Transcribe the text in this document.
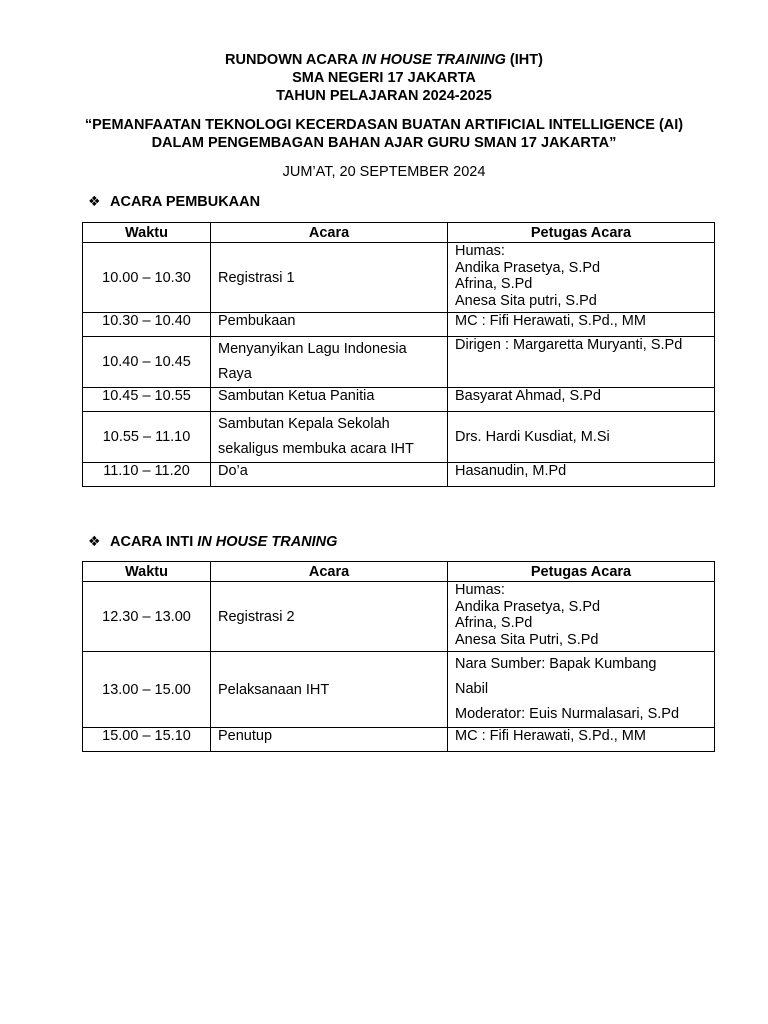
RUNDOWN ACARA IN HOUSE TRAINING (IHT)
SMA NEGERI 17 JAKARTA
TAHUN PELAJARAN 2024-2025
“PEMANFAATAN TEKNOLOGI KECERDASAN BUATAN ARTIFICIAL INTELLIGENCE (AI)
DALAM PENGEMBAGAN BAHAN AJAR GURU SMAN 17 JAKARTA”
JUM’AT, 20 SEPTEMBER 2024
❖ ACARA PEMBUKAAN
Waktu	Acara	Petugas Acara
10.00 – 10.30	Registrasi 1	Humas:
Andika Prasetya, S.Pd
Afrina, S.Pd
Anesa Sita putri, S.Pd

10.30 – 10.40	Pembukaan	MC : Fifi Herawati, S.Pd., MM
10.40 – 10.45	Menyanyikan Lagu Indonesia Raya	Dirigen : Margaretta Muryanti, S.Pd
10.45 – 10.55	Sambutan Ketua Panitia	Basyarat Ahmad, S.Pd
10.55 – 11.10	Sambutan Kepala Sekolah sekaligus membuka acara IHT	Drs. Hardi Kusdiat, M.Si
11.10 – 11.20	Do’a	Hasanudin, M.Pd
❖ ACARA INTI IN HOUSE TRANING
Waktu	Acara	Petugas Acara
12.30 – 13.00	Registrasi 2	Humas:
Andika Prasetya, S.Pd
Afrina, S.Pd
Anesa Sita Putri, S.Pd

13.00 – 15.00	Pelaksanaan IHT	Nara Sumber: Bapak Kumbang
Nabil
Moderator: Euis Nurmalasari, S.Pd

15.00 – 15.10	Penutup	MC : Fifi Herawati, S.Pd., MM
